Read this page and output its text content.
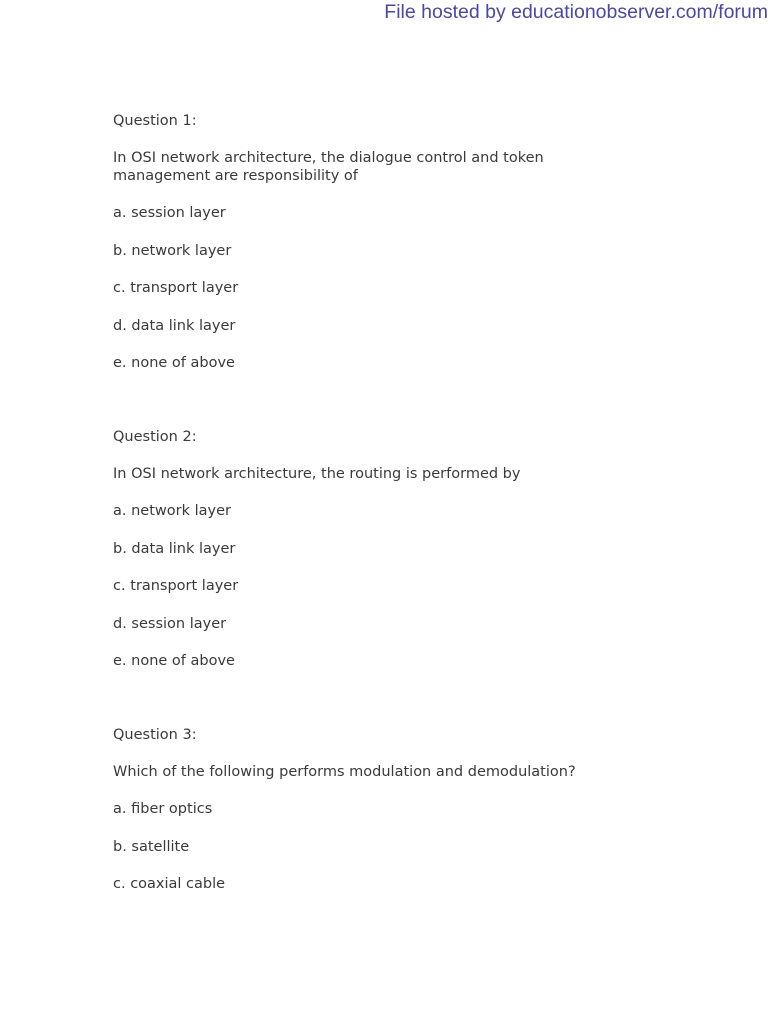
File hosted by educationobserver.com/forum
Question 1:
In OSI network architecture, the dialogue control and token management are responsibility of
a. session layer
b. network layer
c. transport layer
d. data link layer
e. none of above
Question 2:
In OSI network architecture, the routing is performed by
a. network layer
b. data link layer
c. transport layer
d. session layer
e. none of above
Question 3:
Which of the following performs modulation and demodulation?
a. fiber optics
b. satellite
c. coaxial cable
